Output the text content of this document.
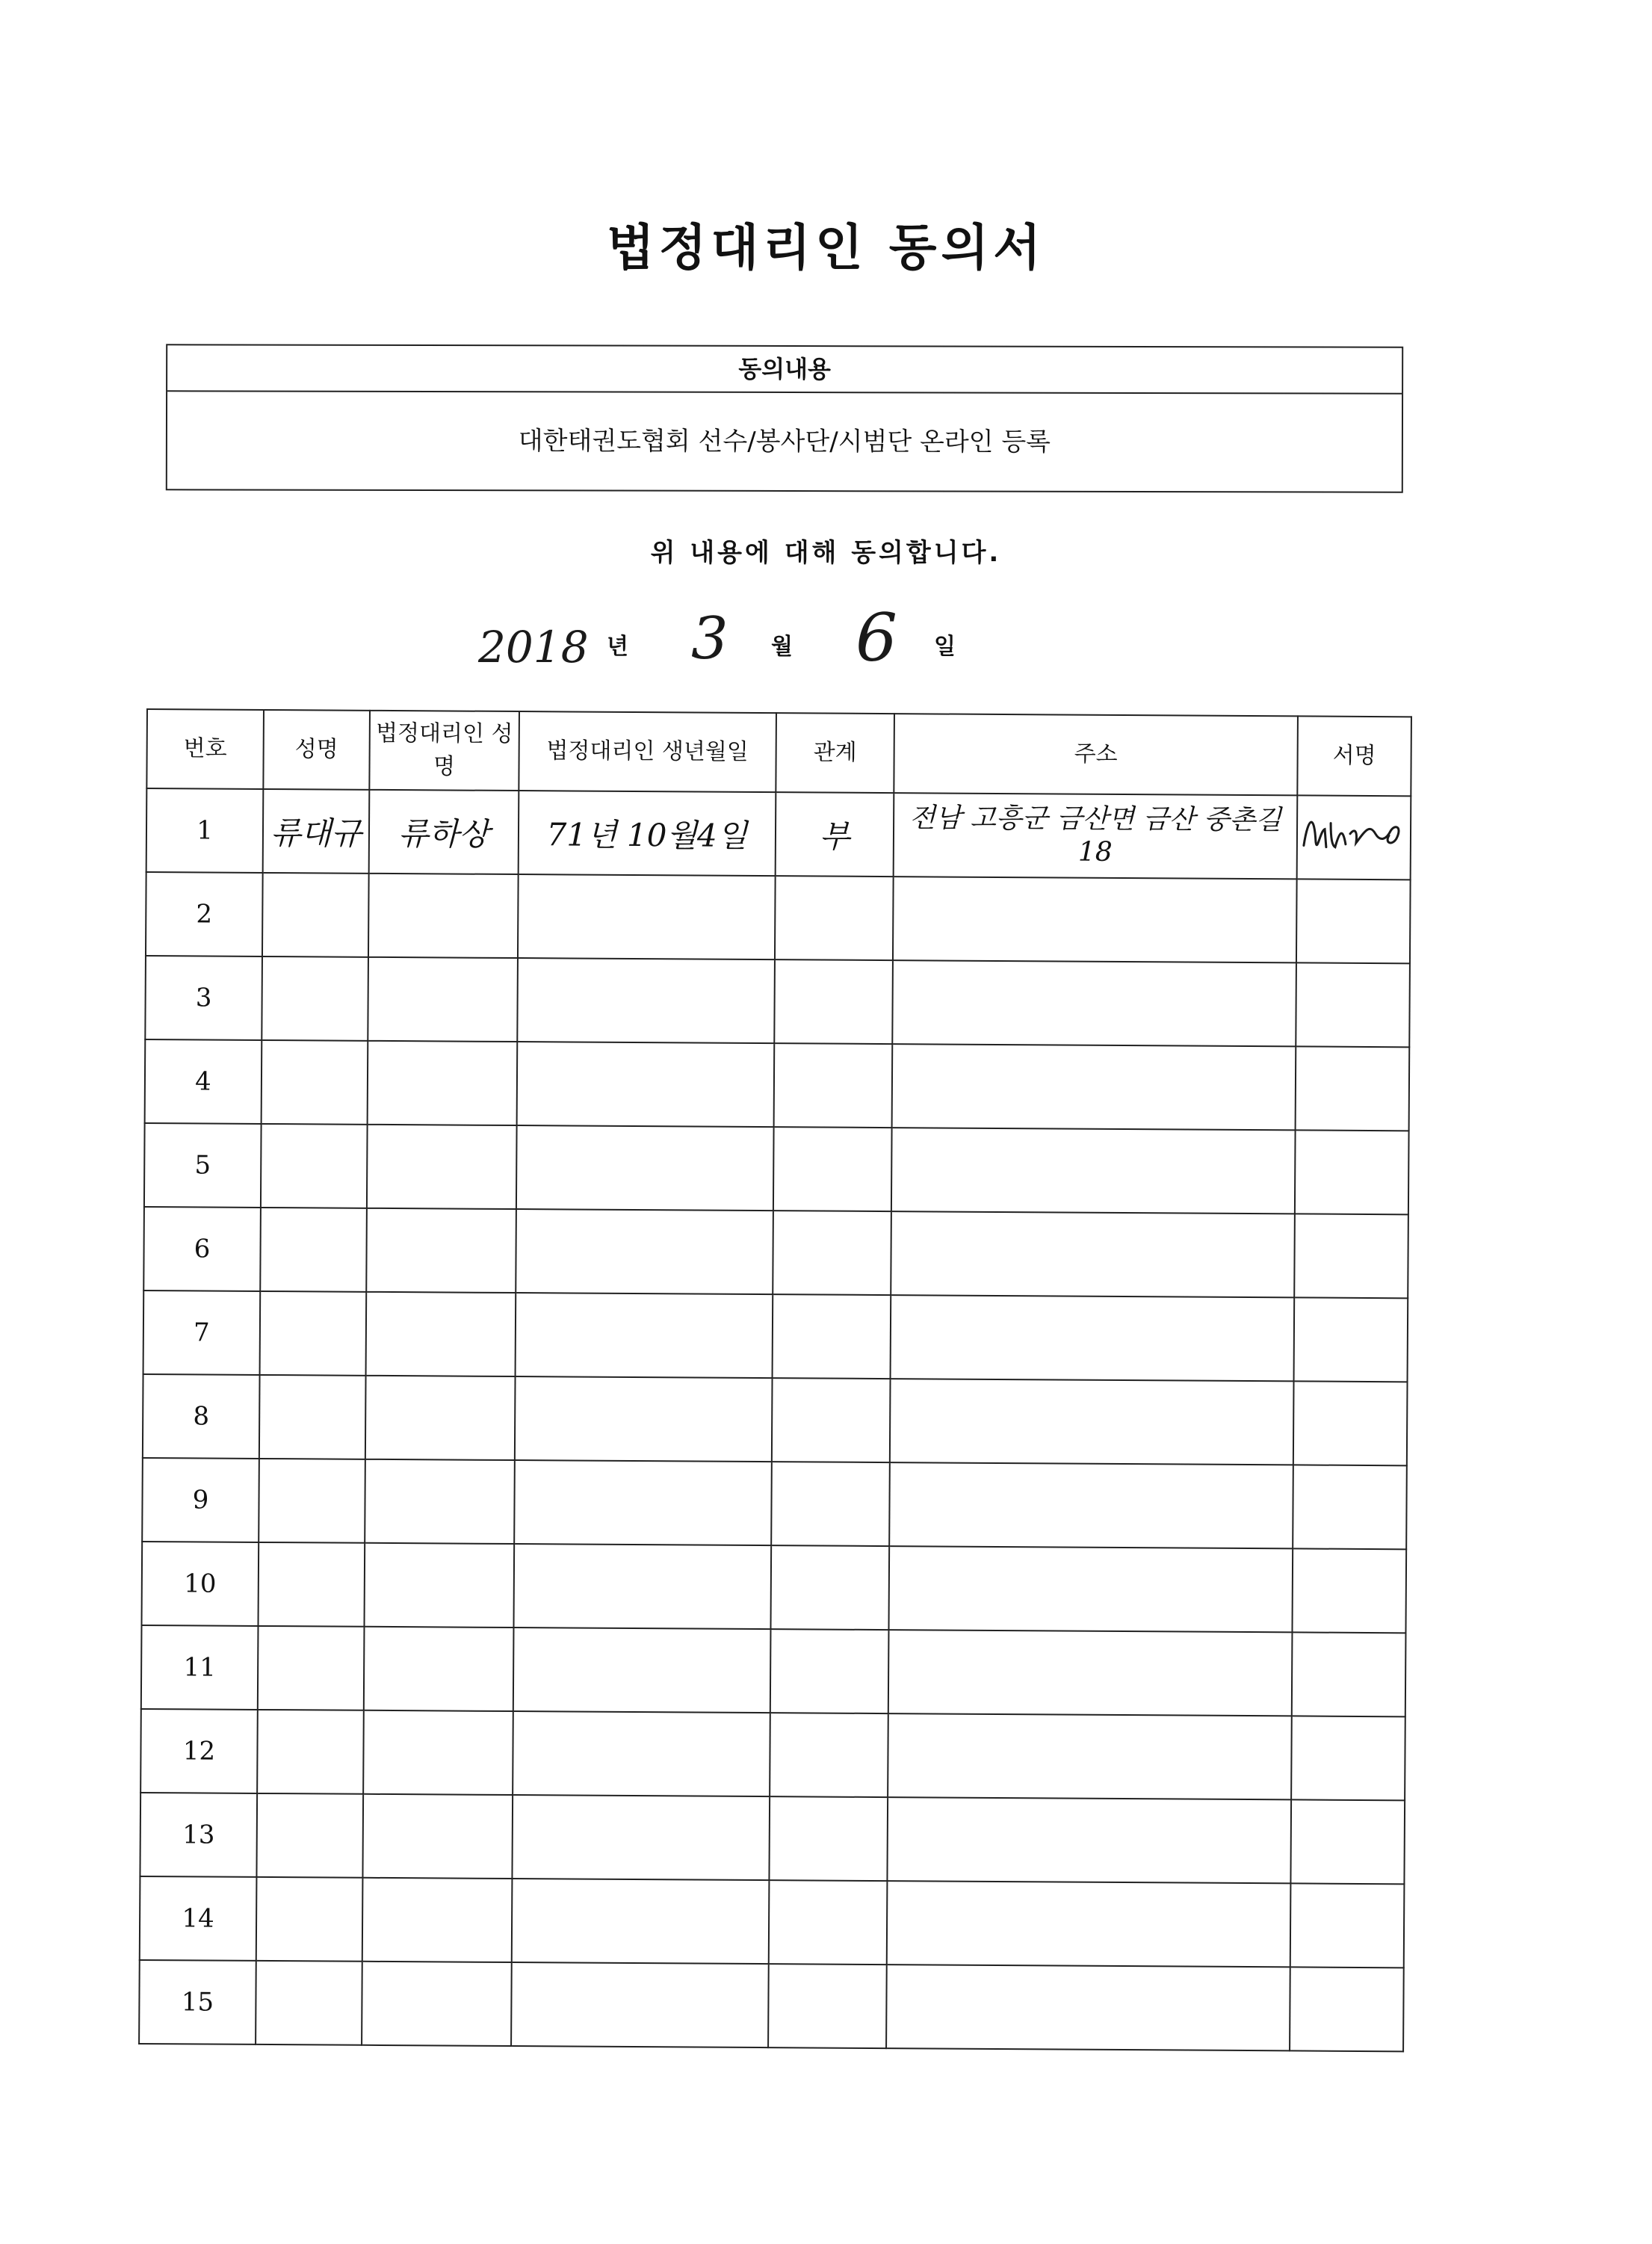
법정대리인 동의서
동의내용
대한태권도협회 선수/봉사단/시범단 온라인 등록
위 내용에 대해 동의합니다.
2018 년 3 월 6 일
번호	성명	법정대리인 성명	법정대리인 생년월일	관계	주소	서명
1	류대규	류하상	71년 10월4일	부	전남 고흥군 금산면 금산 중촌길 18	
2						
3						
4						
5						
6						
7						
8						
9						
10						
11						
12						
13						
14						
15						
